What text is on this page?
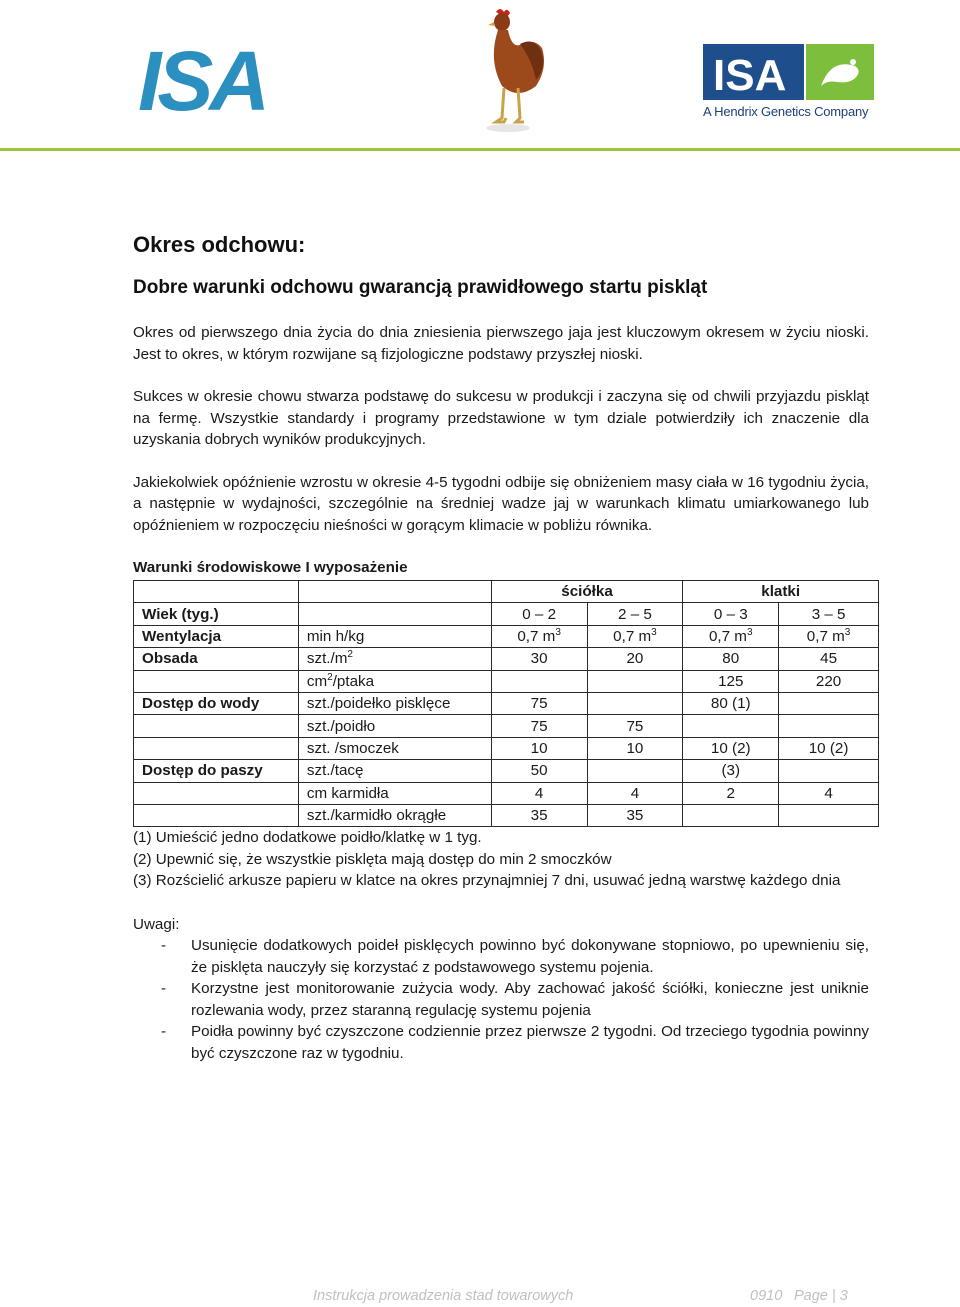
ISA	ISA
A Hendrix Genetics Company
Okres odchowu:
Dobre warunki odchowu gwarancją prawidłowego startu piskląt

Okres od pierwszego dnia życia do dnia zniesienia pierwszego jaja jest kluczowym okresem w życiu nioski. Jest to okres, w którym rozwijane są fizjologiczne podstawy przyszłej nioski.

Sukces w okresie chowu stwarza podstawę do sukcesu w produkcji i zaczyna się od chwili przyjazdu piskląt na fermę. Wszystkie standardy i programy przedstawione w tym dziale potwierdziły ich znaczenie dla uzyskania dobrych wyników produkcyjnych.

Jakiekolwiek opóźnienie wzrostu w okresie 4-5 tygodni odbije się obniżeniem masy ciała w 16 tygodniu życia, a następnie w wydajności, szczególnie na średniej wadze jaj w warunkach klimatu umiarkowanego lub opóźnieniem w rozpoczęciu nieśności w gorącym klimacie w pobliżu równika.

Warunki środowiskowe I wyposażenie
		ściółka		klatki	
Wiek (tyg.)		0 – 2	2 – 5	0 – 3	3 – 5
Wentylacja	min h/kg	0,7 $m^3$	0,7 $m^3$	0,7 $m^3$	0,7 $m^3$
Obsada	$szt./m^2$	30	20	80	45
	$cm^2$/ptaka			125	220
Dostęp do wody	szt./poidełko pisklęce	75		80 (1)	
	szt./poidło	75	75		
	szt. /smoczek	10	10	10 (2)	10 (2)
Dostęp do paszy	szt./tacę	50		(3)	
	cm karmidła	4	4	2	4
	szt./karmidło okrągłe	35	35		
(1) Umieścić jedno dodatkowe poidło/klatkę w 1 tyg.
(2) Upewnić się, że wszystkie pisklęta mają dostęp do min 2 smoczków
(3) Rozścielić arkusze papieru w klatce na okres przynajmniej 7 dni, usuwać jedną warstwę każdego dnia
Uwagi:
- Usunięcie dodatkowych poideł pisklęcych powinno być dokonywane stopniowo, po upewnieniu się, że pisklęta nauczyły się korzystać z podstawowego systemu pojenia.
- Korzystne jest monitorowanie zużycia wody. Aby zachować jakość ściółki, konieczne jest uniknie rozlewania wody, przez staranną regulację systemu pojenia
- Poidła powinny być czyszczone codziennie przez pierwsze 2 tygodni. Od trzeciego tygodnia powinny być czyszczone raz w tygodniu.
Instrukcja prowadzenia stad towarowych	0910 Page | 3
